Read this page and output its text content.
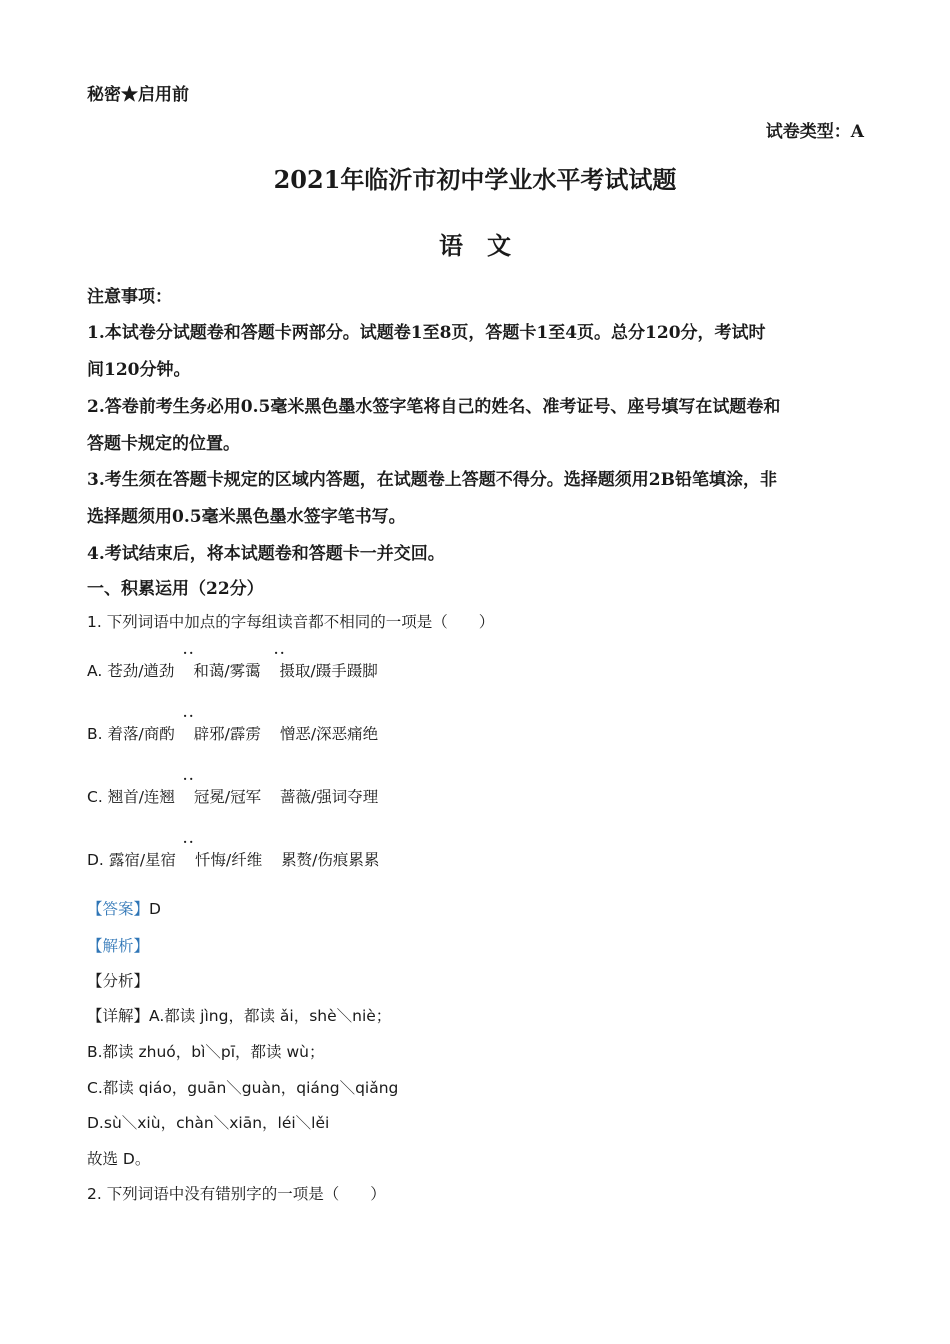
秘密★启用前
试卷类型：A
2021年临沂市初中学业水平考试试题
语　文
注意事项：
1.本试卷分试题卷和答题卡两部分。试题卷1至8页，答题卡1至4页。总分120分，考试时
间120分钟。
2.答卷前考生务必用0.5毫米黑色墨水签字笔将自己的姓名、准考证号、座号填写在试题卷和
答题卡规定的位置。
3.考生须在答题卡规定的区域内答题，在试题卷上答题不得分。选择题须用2B铅笔填涂，非
选择题须用0.5毫米黑色墨水签字笔书写。
4.考试结束后，将本试题卷和答题卡一并交回。
一、积累运用（22分）
1. 下列词语中加点的字每组读音都不相同的一项是（　　）
A. 苍劲/遒劲 和蔼/雾霭 摄取/蹑手蹑脚
··	··
B. 着落/商酌 辟邪/霹雳 憎恶/深恶痛绝
··
C. 翘首/连翘 冠冕/冠军 蔷薇/强词夺理
··
D. 露宿/星宿 忏悔/纤维 累赘/伤痕累累
··
【答案】D
【解析】
【分析】
【详解】A.都读 jìng，都读 ǎi，shè＼niè；
B.都读 zhuó，bì＼pī，都读 wù；
C.都读 qiáo，guān＼guàn，qiáng＼qiǎng
D.sù＼xiù，chàn＼xiān，léi＼lěi
故选 D。
2. 下列词语中没有错别字的一项是（　　）
